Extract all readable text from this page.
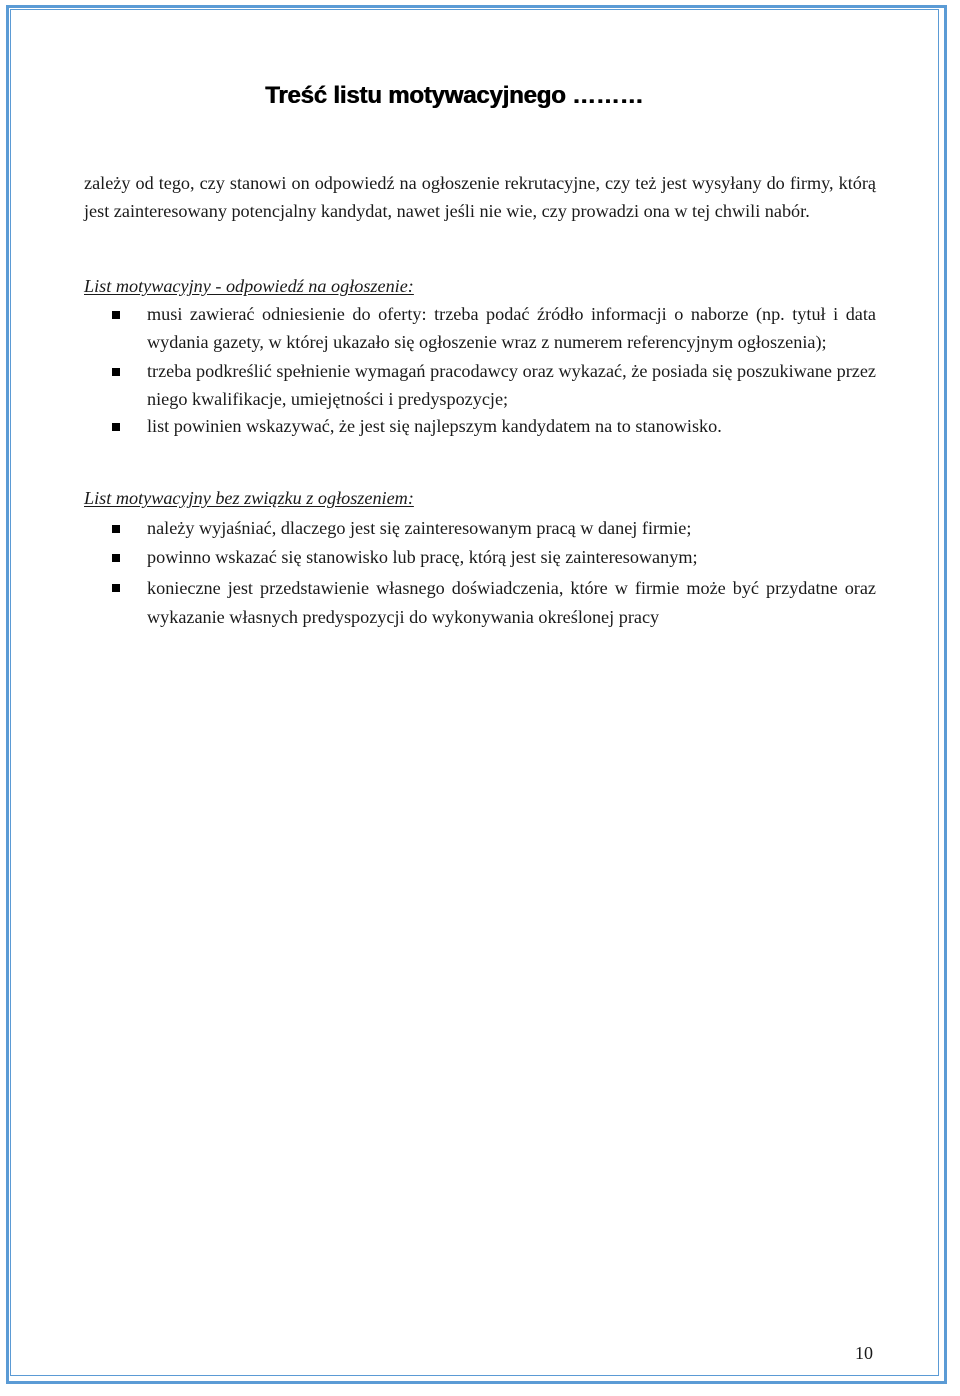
Treść listu motywacyjnego ………

zależy od tego, czy stanowi on odpowiedź na ogłoszenie rekrutacyjne, czy też jest wysyłany do firmy, którą jest zainteresowany potencjalny kandydat, nawet jeśli nie wie, czy prowadzi ona w tej chwili nabór.

List motywacyjny - odpowiedź na ogłoszenie:

musi zawierać odniesienie do oferty: trzeba podać źródło informacji o naborze (np. tytuł i data wydania gazety, w której ukazało się ogłoszenie wraz z numerem referencyjnym ogłoszenia);
trzeba podkreślić spełnienie wymagań pracodawcy oraz wykazać, że posiada się poszukiwane przez niego kwalifikacje, umiejętności i predyspozycje;
list powinien wskazywać, że jest się najlepszym kandydatem na to stanowisko.

List motywacyjny bez związku z ogłoszeniem:

należy wyjaśniać, dlaczego jest się zainteresowanym pracą w danej firmie;
powinno wskazać się stanowisko lub pracę, którą jest się zainteresowanym;
konieczne jest przedstawienie własnego doświadczenia, które w firmie może być przydatne oraz wykazanie własnych predyspozycji do wykonywania określonej pracy

10
